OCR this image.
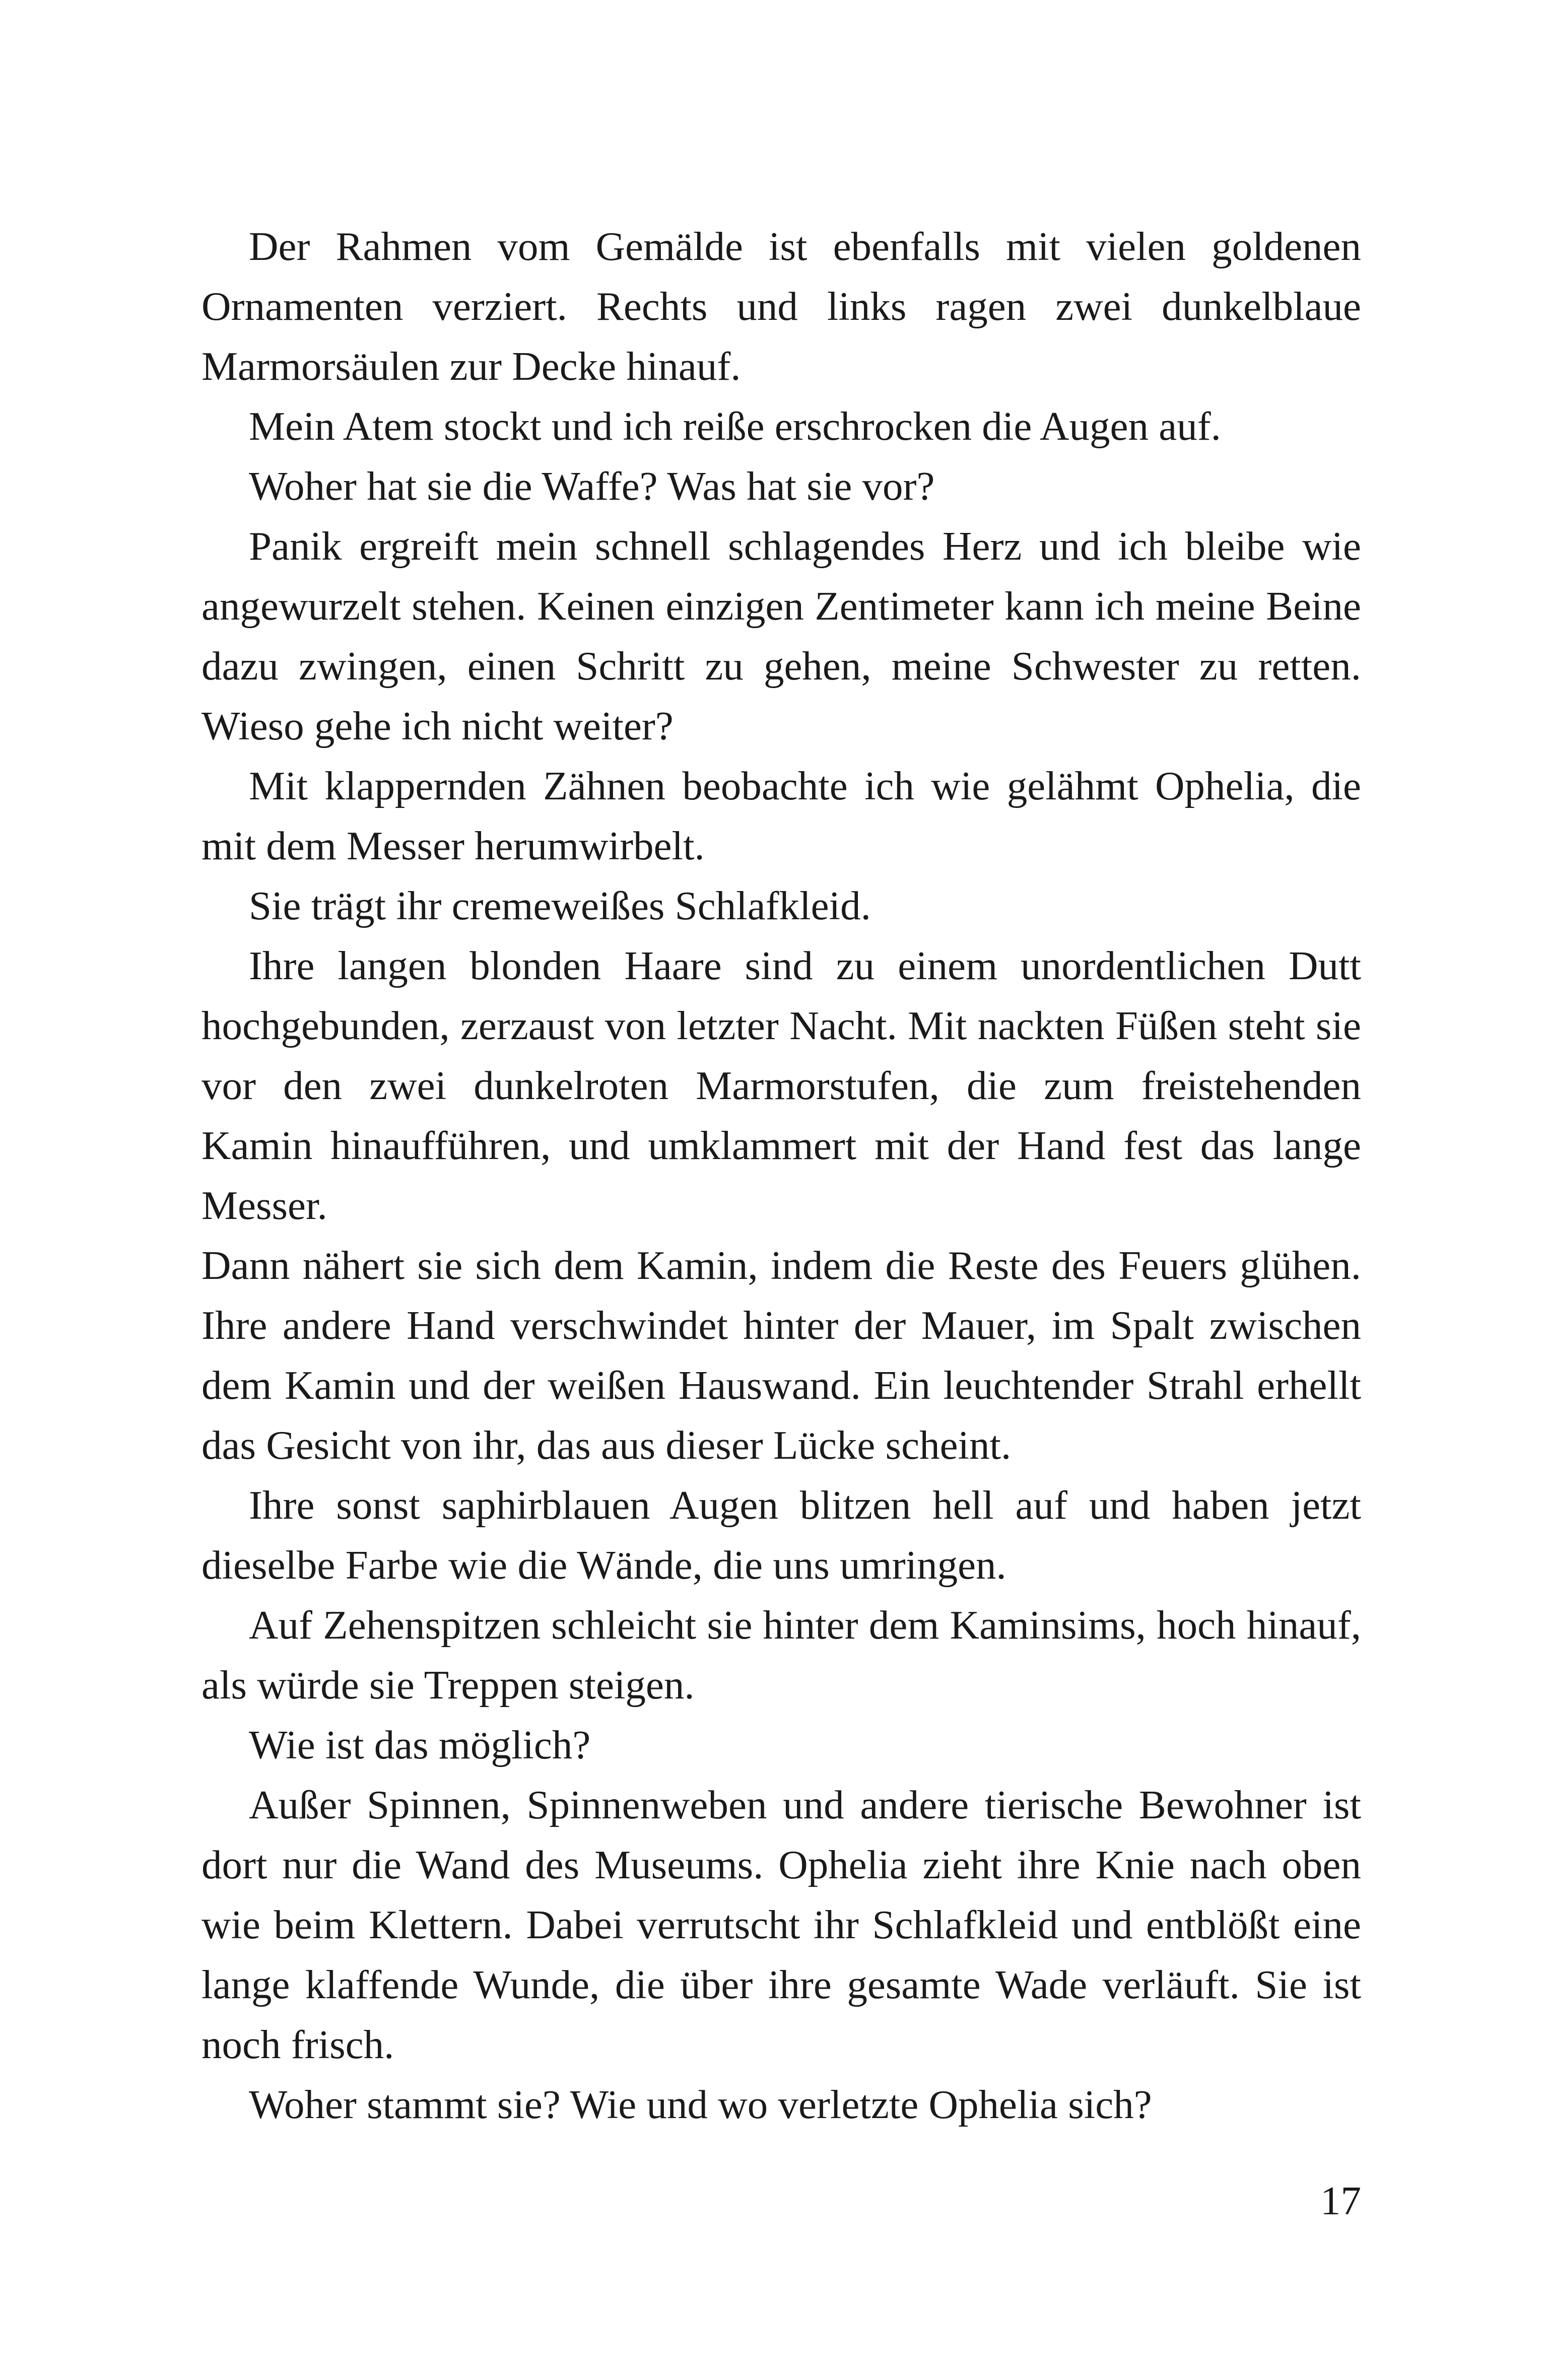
Der Rahmen vom Gemälde ist ebenfalls mit vielen goldenen Ornamenten verziert. Rechts und links ragen zwei dunkelblaue Marmorsäulen zur Decke hinauf.

Mein Atem stockt und ich reiße erschrocken die Augen auf.

Woher hat sie die Waffe? Was hat sie vor?

Panik ergreift mein schnell schlagendes Herz und ich bleibe wie angewurzelt stehen. Keinen einzigen Zentimeter kann ich meine Beine dazu zwingen, einen Schritt zu gehen, meine Schwester zu retten. Wieso gehe ich nicht weiter?

Mit klappernden Zähnen beobachte ich wie gelähmt Ophelia, die mit dem Messer herumwirbelt.

Sie trägt ihr cremeweißes Schlafkleid.

Ihre langen blonden Haare sind zu einem unordentlichen Dutt hochgebunden, zerzaust von letzter Nacht. Mit nackten Füßen steht sie vor den zwei dunkelroten Marmorstufen, die zum freistehenden Kamin hinaufführen, und umklammert mit der Hand fest das lange Messer.

Dann nähert sie sich dem Kamin, indem die Reste des Feuers glühen. Ihre andere Hand verschwindet hinter der Mauer, im Spalt zwischen dem Kamin und der weißen Hauswand. Ein leuchtender Strahl erhellt das Gesicht von ihr, das aus dieser Lücke scheint.

Ihre sonst saphirblauen Augen blitzen hell auf und haben jetzt dieselbe Farbe wie die Wände, die uns umringen.

Auf Zehenspitzen schleicht sie hinter dem Kaminsims, hoch hinauf, als würde sie Treppen steigen.

Wie ist das möglich?

Außer Spinnen, Spinnenweben und andere tierische Bewohner ist dort nur die Wand des Museums. Ophelia zieht ihre Knie nach oben wie beim Klettern. Dabei verrutscht ihr Schlafkleid und entblößt eine lange klaffende Wunde, die über ihre gesamte Wade verläuft. Sie ist noch frisch.

Woher stammt sie? Wie und wo verletzte Ophelia sich?

17
